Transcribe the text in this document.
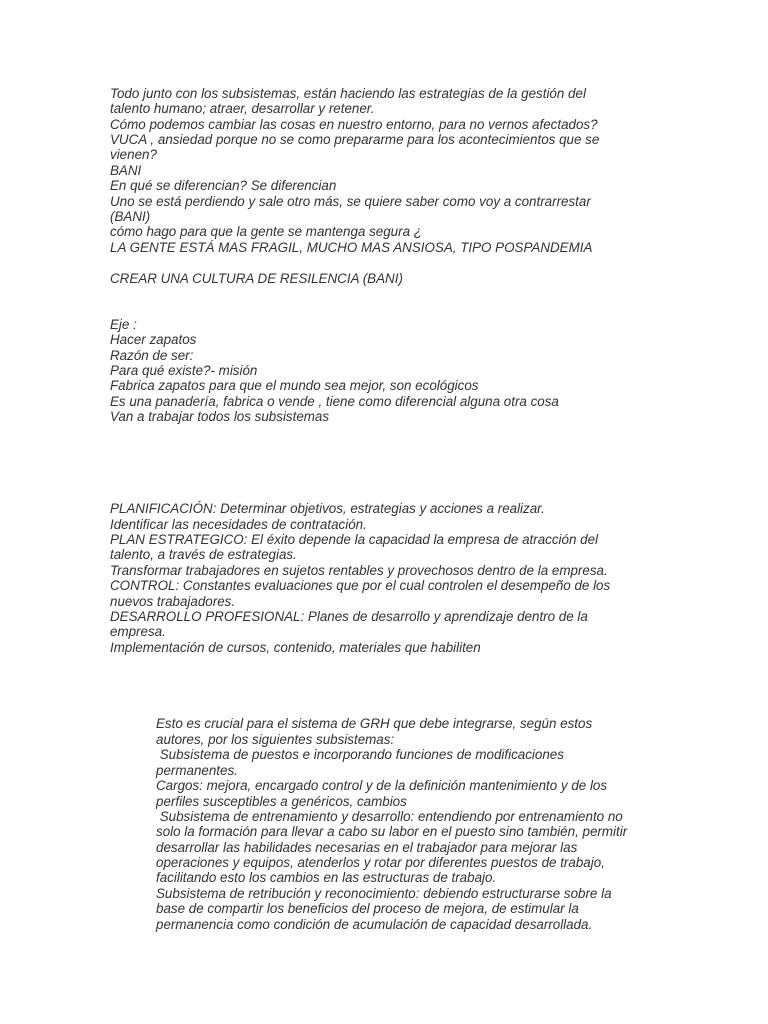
Todo junto con los subsistemas, están haciendo las estrategias de la gestión del
talento humano; atraer, desarrollar y retener.
Cómo podemos cambiar las cosas en nuestro entorno, para no vernos afectados?
VUCA , ansiedad porque no se como prepararme para los acontecimientos que se
vienen?
BANI
En qué se diferencian? Se diferencian
Uno se está perdiendo y sale otro más, se quiere saber como voy a contrarrestar
(BANI)
cómo hago para que la gente se mantenga segura ¿
LA GENTE ESTÁ MAS FRAGIL, MUCHO MAS ANSIOSA, TIPO POSPANDEMIA
CREAR UNA CULTURA DE RESILENCIA (BANI)
Eje :
Hacer zapatos
Razón de ser:
Para qué existe?- misión
Fabrica zapatos para que el mundo sea mejor, son ecológicos
Es una panadería, fabrica o vende , tiene como diferencial alguna otra cosa
Van a trabajar todos los subsistemas
PLANIFICACIÓN: Determinar objetivos, estrategias y acciones a realizar.
Identificar las necesidades de contratación.
PLAN ESTRATEGICO: El éxito depende la capacidad la empresa de atracción del
talento, a través de estrategias.
Transformar trabajadores en sujetos rentables y provechosos dentro de la empresa.
CONTROL: Constantes evaluaciones que por el cual controlen el desempeño de los
nuevos trabajadores.
DESARROLLO PROFESIONAL: Planes de desarrollo y aprendizaje dentro de la
empresa.
Implementación de cursos, contenido, materiales que habiliten
Esto es crucial para el sistema de GRH que debe integrarse, según estos
autores, por los siguientes subsistemas:
Subsistema de puestos e incorporando funciones de modificaciones
permanentes.
Cargos: mejora, encargado control y de la definición mantenimiento y de los
perfiles susceptibles a genéricos, cambios
Subsistema de entrenamiento y desarrollo: entendiendo por entrenamiento no
solo la formación para llevar a cabo su labor en el puesto sino también, permitir
desarrollar las habilidades necesarias en el trabajador para mejorar las
operaciones y equipos, atenderlos y rotar por diferentes puestos de trabajo,
facilitando esto los cambios en las estructuras de trabajo.
Subsistema de retribución y reconocimiento: debiendo estructurarse sobre la
base de compartir los beneficios del proceso de mejora, de estimular la
permanencia como condición de acumulación de capacidad desarrollada.
